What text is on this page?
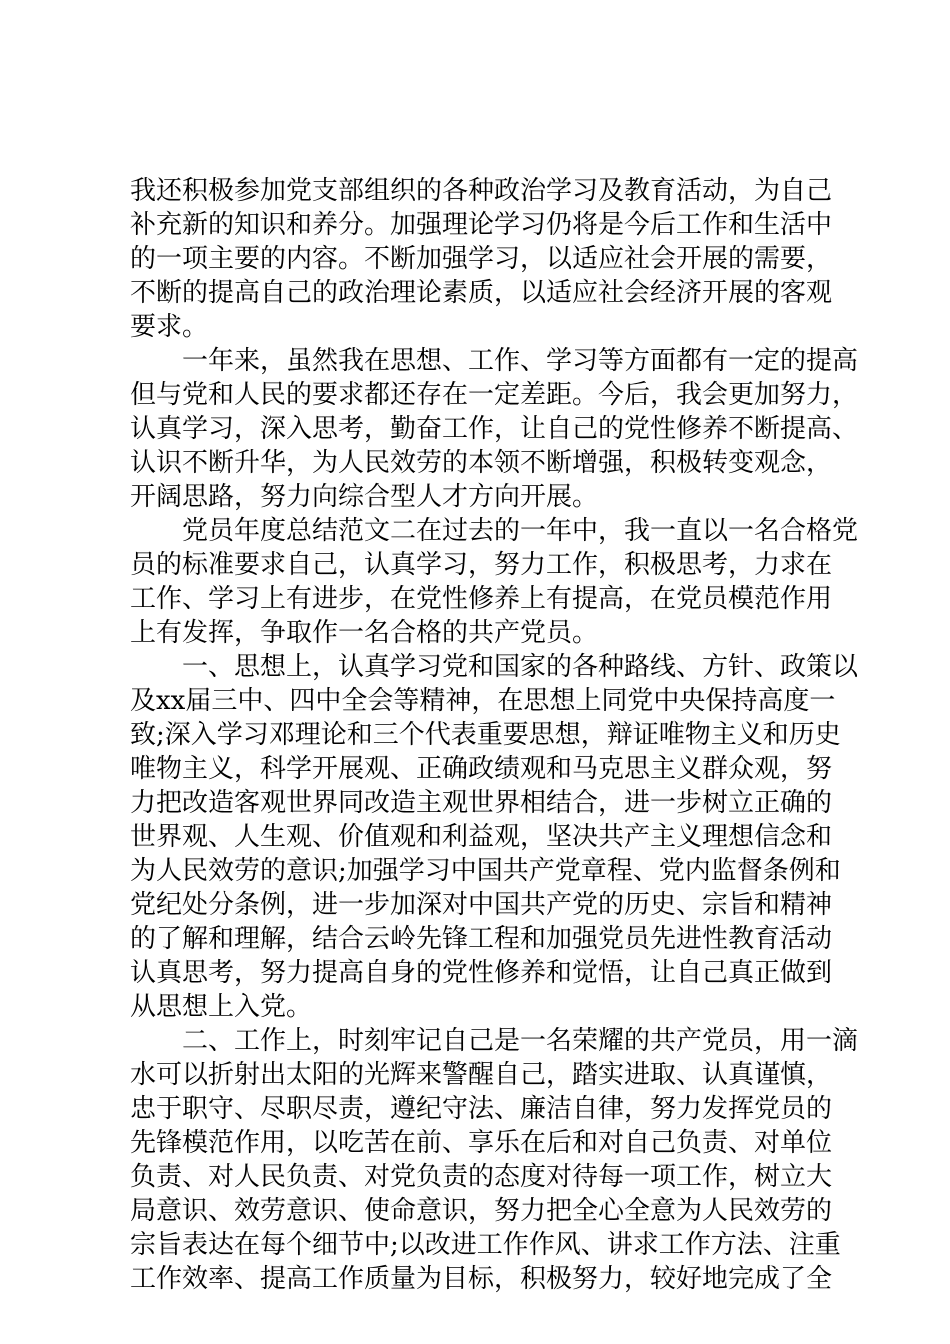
我还积极参加党支部组织的各种政治学习及教育活动，为自己
补充新的知识和养分。加强理论学习仍将是今后工作和生活中
的一项主要的内容。不断加强学习，以适应社会开展的需要，
不断的提高自己的政治理论素质，以适应社会经济开展的客观
要求。
一年来，虽然我在思想、工作、学习等方面都有一定的提高
但与党和人民的要求都还存在一定差距。今后，我会更加努力，
认真学习，深入思考，勤奋工作，让自己的党性修养不断提高、
认识不断升华，为人民效劳的本领不断增强，积极转变观念，
开阔思路，努力向综合型人才方向开展。
党员年度总结范文二在过去的一年中，我一直以一名合格党
员的标准要求自己，认真学习，努力工作，积极思考，力求在
工作、学习上有进步，在党性修养上有提高，在党员模范作用
上有发挥，争取作一名合格的共产党员。
一、思想上，认真学习党和国家的各种路线、方针、政策以
及xx届三中、四中全会等精神，在思想上同党中央保持高度一
致;深入学习邓理论和三个代表重要思想，辩证唯物主义和历史
唯物主义，科学开展观、正确政绩观和马克思主义群众观，努
力把改造客观世界同改造主观世界相结合，进一步树立正确的
世界观、人生观、价值观和利益观，坚决共产主义理想信念和
为人民效劳的意识;加强学习中国共产党章程、党内监督条例和
党纪处分条例，进一步加深对中国共产党的历史、宗旨和精神
的了解和理解，结合云岭先锋工程和加强党员先进性教育活动
认真思考，努力提高自身的党性修养和觉悟，让自己真正做到
从思想上入党。
二、工作上，时刻牢记自己是一名荣耀的共产党员，用一滴
水可以折射出太阳的光辉来警醒自己，踏实进取、认真谨慎，
忠于职守、尽职尽责，遵纪守法、廉洁自律，努力发挥党员的
先锋模范作用，以吃苦在前、享乐在后和对自己负责、对单位
负责、对人民负责、对党负责的态度对待每一项工作，树立大
局意识、效劳意识、使命意识，努力把全心全意为人民效劳的
宗旨表达在每个细节中;以改进工作作风、讲求工作方法、注重
工作效率、提高工作质量为目标，积极努力，较好地完成了全
